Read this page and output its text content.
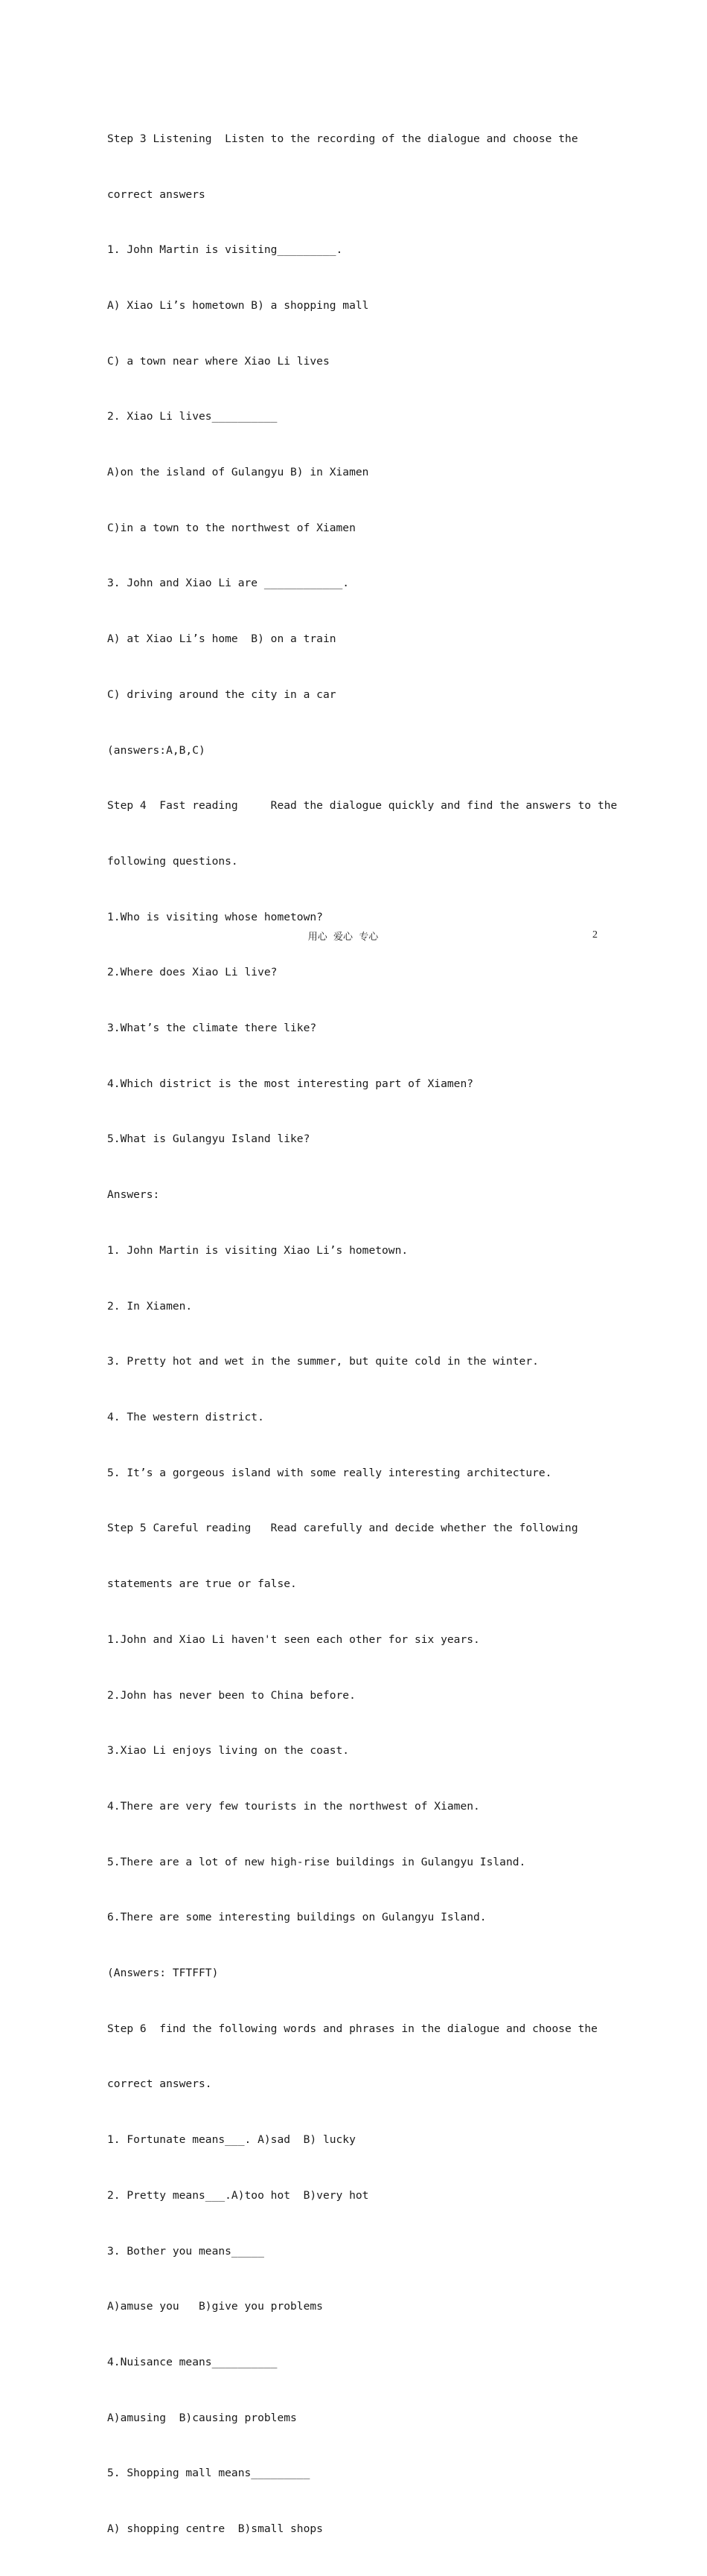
Step 3 Listening  Listen to the recording of the dialogue and choose the

correct answers

1. John Martin is visiting_________.

A) Xiao Li’s hometown B) a shopping mall

C) a town near where Xiao Li lives

2. Xiao Li lives__________

A)on the island of Gulangyu B) in Xiamen

C)in a town to the northwest of Xiamen

3. John and Xiao Li are ____________.

A) at Xiao Li’s home  B) on a train

C) driving around the city in a car

(answers:A,B,C)

Step 4  Fast reading     Read the dialogue quickly and find the answers to the

following questions.

1.Who is visiting whose hometown?

2.Where does Xiao Li live?

3.What’s the climate there like?

4.Which district is the most interesting part of Xiamen?

5.What is Gulangyu Island like?

Answers:

1. John Martin is visiting Xiao Li’s hometown.

2. In Xiamen.

3. Pretty hot and wet in the summer, but quite cold in the winter.

4. The western district.

5. It’s a gorgeous island with some really interesting architecture.

Step 5 Careful reading   Read carefully and decide whether the following

statements are true or false.

1.John and Xiao Li haven't seen each other for six years.

2.John has never been to China before.

3.Xiao Li enjoys living on the coast.

4.There are very few tourists in the northwest of Xiamen.

5.There are a lot of new high-rise buildings in Gulangyu Island.

6.There are some interesting buildings on Gulangyu Island.

(Answers: TFTFFT)

Step 6  find the following words and phrases in the dialogue and choose the

correct answers.

1. Fortunate means___. A)sad  B) lucky

2. Pretty means___.A)too hot  B)very hot

3. Bother you means_____

A)amuse you   B)give you problems

4.Nuisance means__________

A)amusing  B)causing problems

5. Shopping mall means_________

A) shopping centre  B)small shops

用心  爱心  专心	2
